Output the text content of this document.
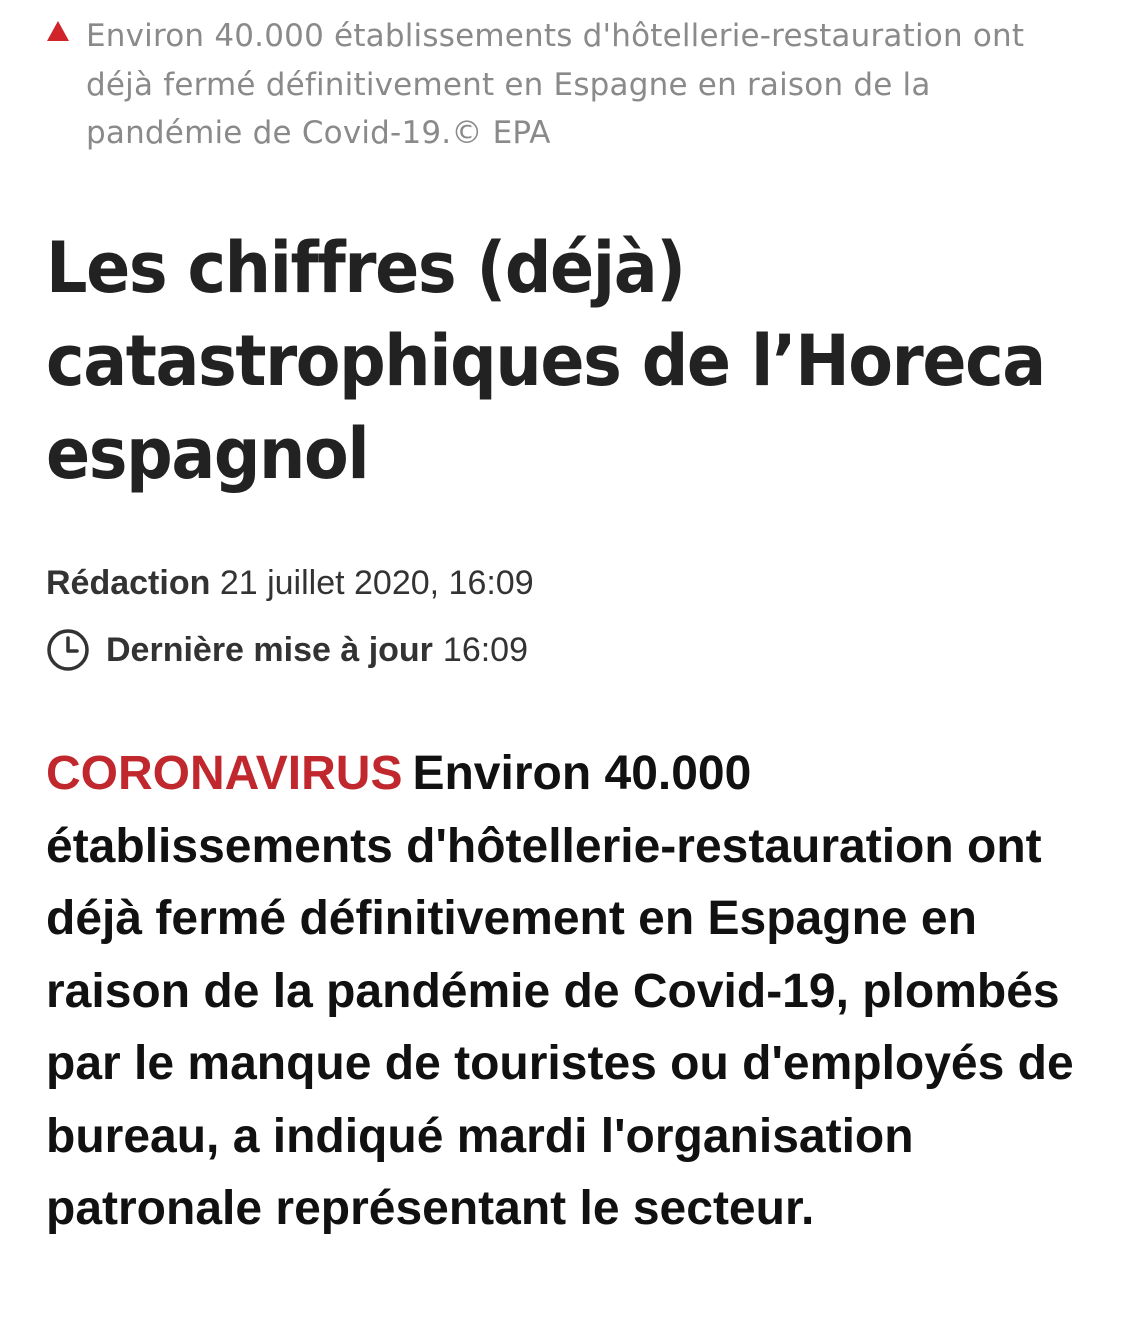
Environ 40.000 établissements d'hôtellerie-restauration ont déjà fermé définitivement en Espagne en raison de la pandémie de Covid-19.© EPA
Les chiffres (déjà)
catastrophiques de l’Horeca
espagnol
Rédaction 21 juillet 2020, 16:09
Dernière mise à jour 16:09

CORONAVIRUS Environ 40.000 établissements d'hôtellerie-restauration ont déjà fermé définitivement en Espagne en raison de la pandémie de Covid-19, plombés par le manque de touristes ou d'employés de bureau, a indiqué mardi l'organisation patronale représentant le secteur.
